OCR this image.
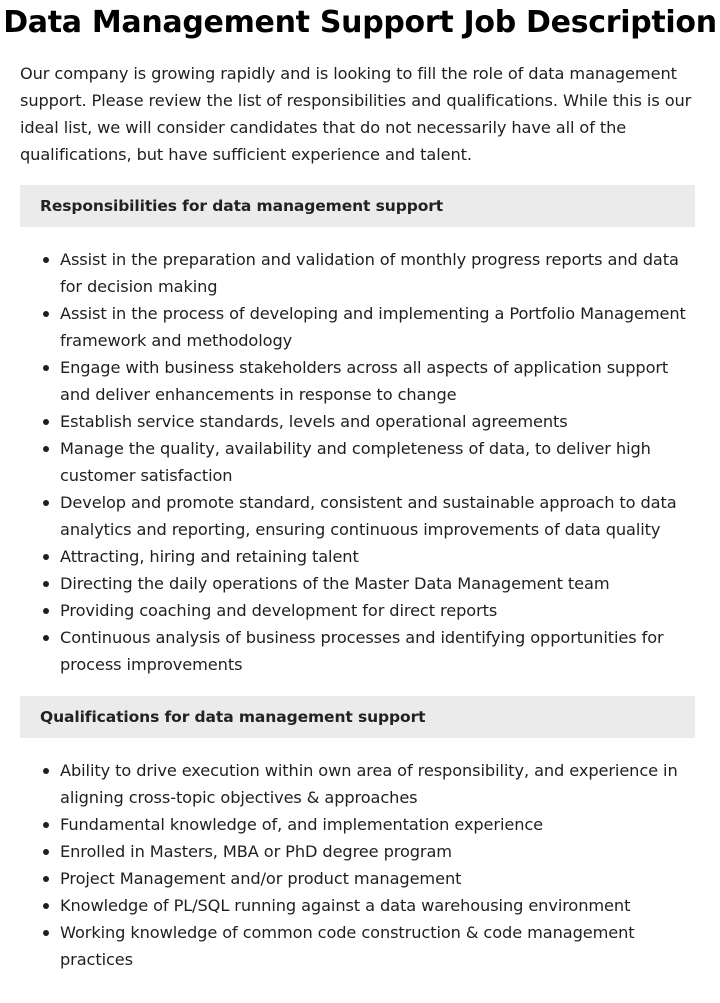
Data Management Support Job Description

Our company is growing rapidly and is looking to fill the role of data management support. Please review the list of responsibilities and qualifications. While this is our ideal list, we will consider candidates that do not necessarily have all of the qualifications, but have sufficient experience and talent.

Responsibilities for data management support
Assist in the preparation and validation of monthly progress reports and data for decision making
Assist in the process of developing and implementing a Portfolio Management framework and methodology
Engage with business stakeholders across all aspects of application support and deliver enhancements in response to change
Establish service standards, levels and operational agreements
Manage the quality, availability and completeness of data, to deliver high customer satisfaction
Develop and promote standard, consistent and sustainable approach to data analytics and reporting, ensuring continuous improvements of data quality
Attracting, hiring and retaining talent
Directing the daily operations of the Master Data Management team
Providing coaching and development for direct reports
Continuous analysis of business processes and identifying opportunities for process improvements
Qualifications for data management support
Ability to drive execution within own area of responsibility, and experience in aligning cross-topic objectives & approaches
Fundamental knowledge of, and implementation experience
Enrolled in Masters, MBA or PhD degree program
Project Management and/or product management
Knowledge of PL/SQL running against a data warehousing environment
Working knowledge of common code construction & code management practices
